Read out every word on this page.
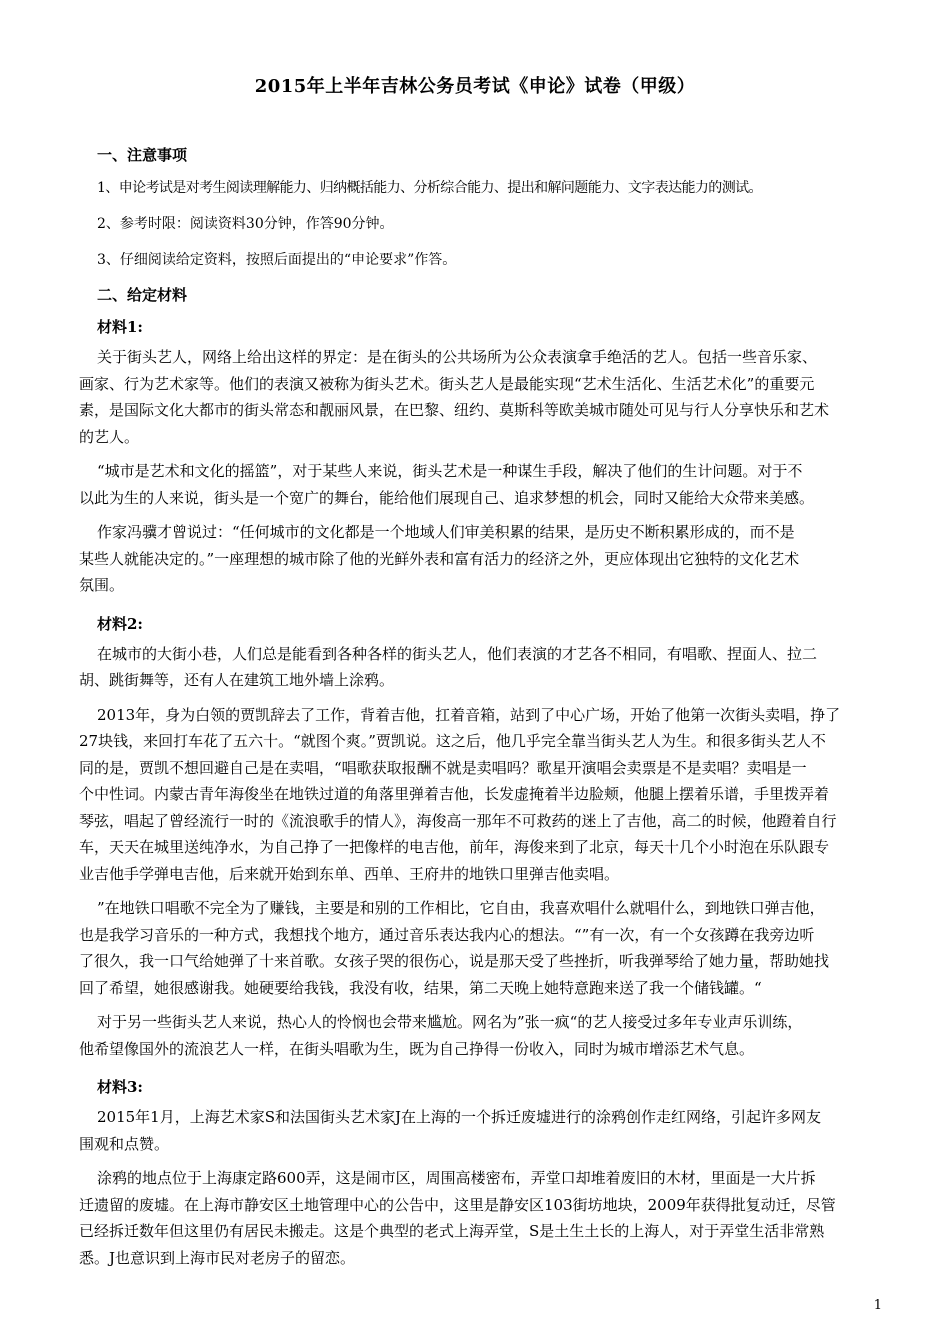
2015年上半年吉林公务员考试《申论》试卷（甲级）
一、注意事项
1、申论考试是对考生阅读理解能力、归纳概括能力、分析综合能力、提出和解问题能力、文字表达能力的测试。
2、参考时限：阅读资料30分钟，作答90分钟。
3、仔细阅读给定资料，按照后面提出的“申论要求”作答。
二、给定材料
材料1:
关于街头艺人，网络上给出这样的界定：是在街头的公共场所为公众表演拿手绝活的艺人。包括一些音乐家、
画家、行为艺术家等。他们的表演又被称为街头艺术。街头艺人是最能实现“艺术生活化、生活艺术化”的重要元
素，是国际文化大都市的街头常态和靓丽风景，在巴黎、纽约、莫斯科等欧美城市随处可见与行人分享快乐和艺术
的艺人。
“城市是艺术和文化的摇篮”，对于某些人来说，街头艺术是一种谋生手段，解决了他们的生计问题。对于不
以此为生的人来说，街头是一个宽广的舞台，能给他们展现自己、追求梦想的机会，同时又能给大众带来美感。
作家冯骥才曾说过：“任何城市的文化都是一个地域人们审美积累的结果，是历史不断积累形成的，而不是
某些人就能决定的。”一座理想的城市除了他的光鲜外表和富有活力的经济之外，更应体现出它独特的文化艺术
氛围。
材料2:
在城市的大街小巷，人们总是能看到各种各样的街头艺人，他们表演的才艺各不相同，有唱歌、捏面人、拉二
胡、跳街舞等，还有人在建筑工地外墙上涂鸦。
2013年，身为白领的贾凯辞去了工作，背着吉他，扛着音箱，站到了中心广场，开始了他第一次街头卖唱，挣了
27块钱，来回打车花了五六十。“就图个爽。”贾凯说。这之后，他几乎完全靠当街头艺人为生。和很多街头艺人不
同的是，贾凯不想回避自己是在卖唱，“唱歌获取报酬不就是卖唱吗？歌星开演唱会卖票是不是卖唱？卖唱是一
个中性词。内蒙古青年海俊坐在地铁过道的角落里弹着吉他，长发虚掩着半边脸颊，他腿上摆着乐谱，手里拨弄着
琴弦，唱起了曾经流行一时的《流浪歌手的情人》，海俊高一那年不可救药的迷上了吉他，高二的时候，他蹬着自行
车，天天在城里送纯净水，为自己挣了一把像样的电吉他，前年，海俊来到了北京，每天十几个小时泡在乐队跟专
业吉他手学弹电吉他，后来就开始到东单、西单、王府井的地铁口里弹吉他卖唱。
”在地铁口唱歌不完全为了赚钱，主要是和别的工作相比，它自由，我喜欢唱什么就唱什么，到地铁口弹吉他，
也是我学习音乐的一种方式，我想找个地方，通过音乐表达我内心的想法。“”有一次，有一个女孩蹲在我旁边听
了很久，我一口气给她弹了十来首歌。女孩子哭的很伤心，说是那天受了些挫折，听我弹琴给了她力量，帮助她找
回了希望，她很感谢我。她硬要给我钱，我没有收，结果，第二天晚上她特意跑来送了我一个储钱罐。“
对于另一些街头艺人来说，热心人的怜悯也会带来尴尬。网名为”张一疯“的艺人接受过多年专业声乐训练，
他希望像国外的流浪艺人一样，在街头唱歌为生，既为自己挣得一份收入，同时为城市增添艺术气息。
材料3:
2015年1月，上海艺术家S和法国街头艺术家J在上海的一个拆迁废墟进行的涂鸦创作走红网络，引起许多网友
围观和点赞。
涂鸦的地点位于上海康定路600弄，这是闹市区，周围高楼密布，弄堂口却堆着废旧的木材，里面是一大片拆
迁遗留的废墟。在上海市静安区土地管理中心的公告中，这里是静安区103街坊地块，2009年获得批复动迁，尽管
已经拆迁数年但这里仍有居民未搬走。这是个典型的老式上海弄堂，S是土生土长的上海人，对于弄堂生活非常熟
悉。J也意识到上海市民对老房子的留恋。
1
